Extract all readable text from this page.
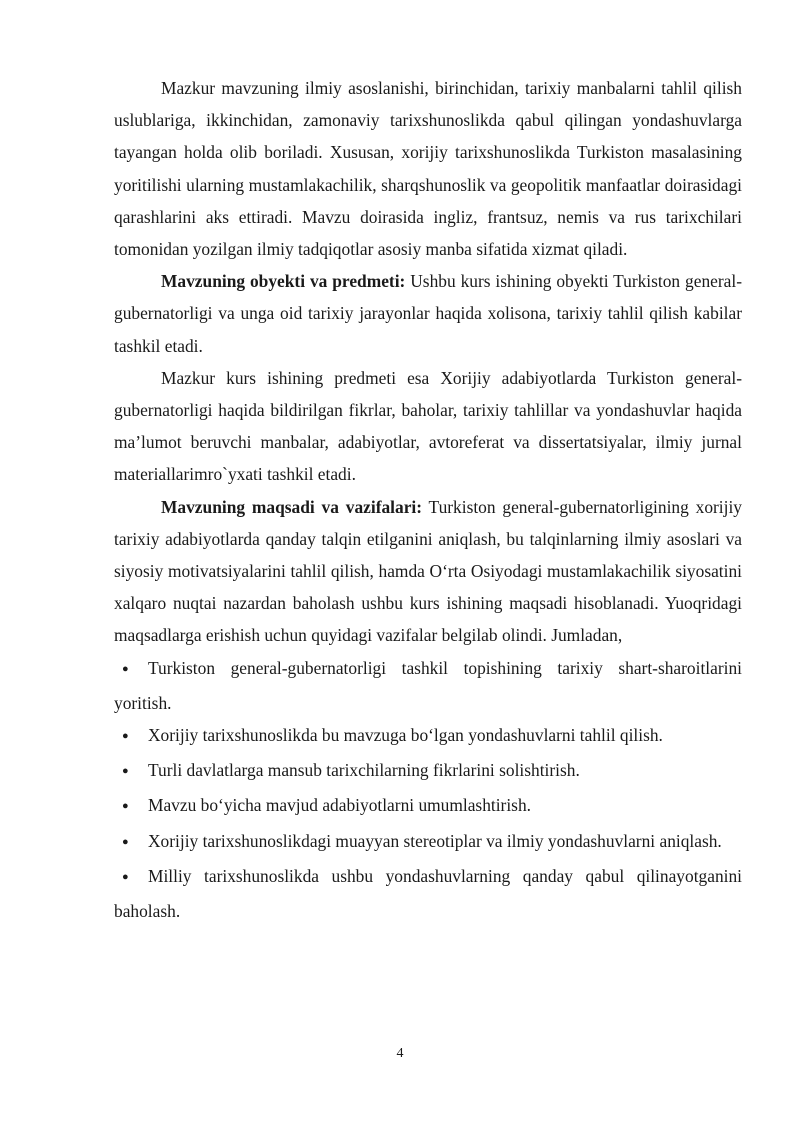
Mazkur mavzuning ilmiy asoslanishi, birinchidan, tarixiy manbalarni tahlil qilish uslublariga, ikkinchidan, zamonaviy tarixshunoslikda qabul qilingan yondashuvlarga tayangan holda olib boriladi. Xususan, xorijiy tarixshunoslikda Turkiston masalasining yoritilishi ularning mustamlakachilik, sharqshunoslik va geopolitik manfaatlar doirasidagi qarashlarini aks ettiradi. Mavzu doirasida ingliz, frantsuz, nemis va rus tarixchilari tomonidan yozilgan ilmiy tadqiqotlar asosiy manba sifatida xizmat qiladi.

Mavzuning obyekti va predmeti: Ushbu kurs ishining obyekti Turkiston general-gubernatorligi va unga oid tarixiy jarayonlar haqida xolisona, tarixiy tahlil qilish kabilar tashkil etadi.

Mazkur kurs ishining predmeti esa Xorijiy adabiyotlarda Turkiston general-gubernatorligi haqida bildirilgan fikrlar, baholar, tarixiy tahlillar va yondashuvlar haqida ma’lumot beruvchi manbalar, adabiyotlar, avtoreferat va dissertatsiyalar, ilmiy jurnal materiallarimro`yxati tashkil etadi.

Mavzuning maqsadi va vazifalari: Turkiston general-gubernatorligining xorijiy tarixiy adabiyotlarda qanday talqin etilganini aniqlash, bu talqinlarning ilmiy asoslari va siyosiy motivatsiyalarini tahlil qilish, hamda O‘rta Osiyodagi mustamlakachilik siyosatini xalqaro nuqtai nazardan baholash ushbu kurs ishining maqsadi hisoblanadi. Yuoqridagi maqsadlarga erishish uchun quyidagi vazifalar belgilab olindi. Jumladan,

●Turkiston general-gubernatorligi tashkil topishining tarixiy shart-sharoitlarini yoritish.
●Xorijiy tarixshunoslikda bu mavzuga bo‘lgan yondashuvlarni tahlil qilish.
●Turli davlatlarga mansub tarixchilarning fikrlarini solishtirish.
●Mavzu bo‘yicha mavjud adabiyotlarni umumlashtirish.
●Xorijiy tarixshunoslikdagi muayyan stereotiplar va ilmiy yondashuvlarni aniqlash.
●Milliy tarixshunoslikda ushbu yondashuvlarning qanday qabul qilinayotganini baholash.
4
